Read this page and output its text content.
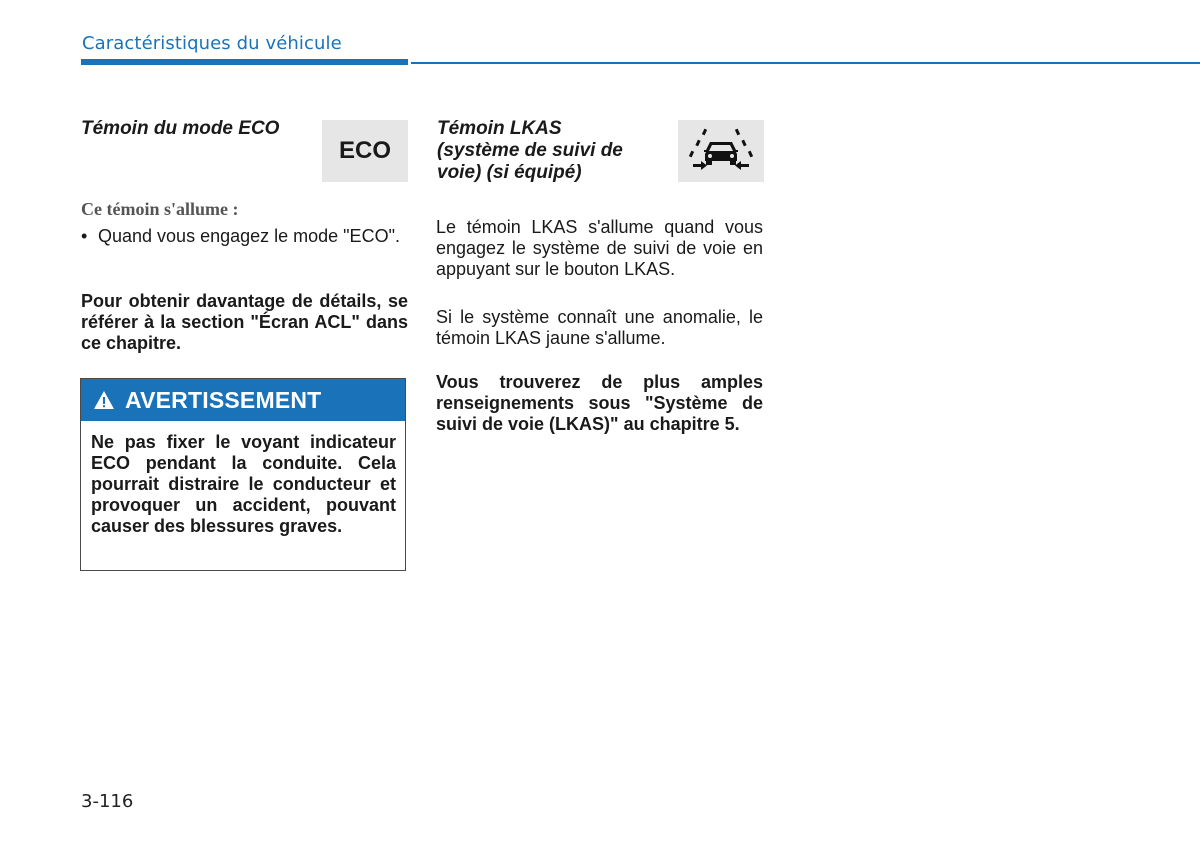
Caractéristiques du véhicule
Témoin du mode ECO
ECO
Ce témoin s'allume :
• Quand vous engagez le mode "ECO".
Pour obtenir davantage de détails, se référer à la section "Écran ACL" dans ce chapitre.
AVERTISSEMENT
Ne pas fixer le voyant indicateur ECO pendant la conduite. Cela pourrait distraire le conducteur et provoquer un accident, pouvant causer des blessures graves.
Témoin LKAS
(système de suivi de
voie) (si équipé)
Le témoin LKAS s'allume quand vous engagez le système de suivi de voie en appuyant sur le bouton LKAS.
Si le système connaît une anomalie, le témoin LKAS jaune s'allume.
Vous trouverez de plus amples renseignements sous "Système de suivi de voie (LKAS)" au chapitre 5.
3-116
